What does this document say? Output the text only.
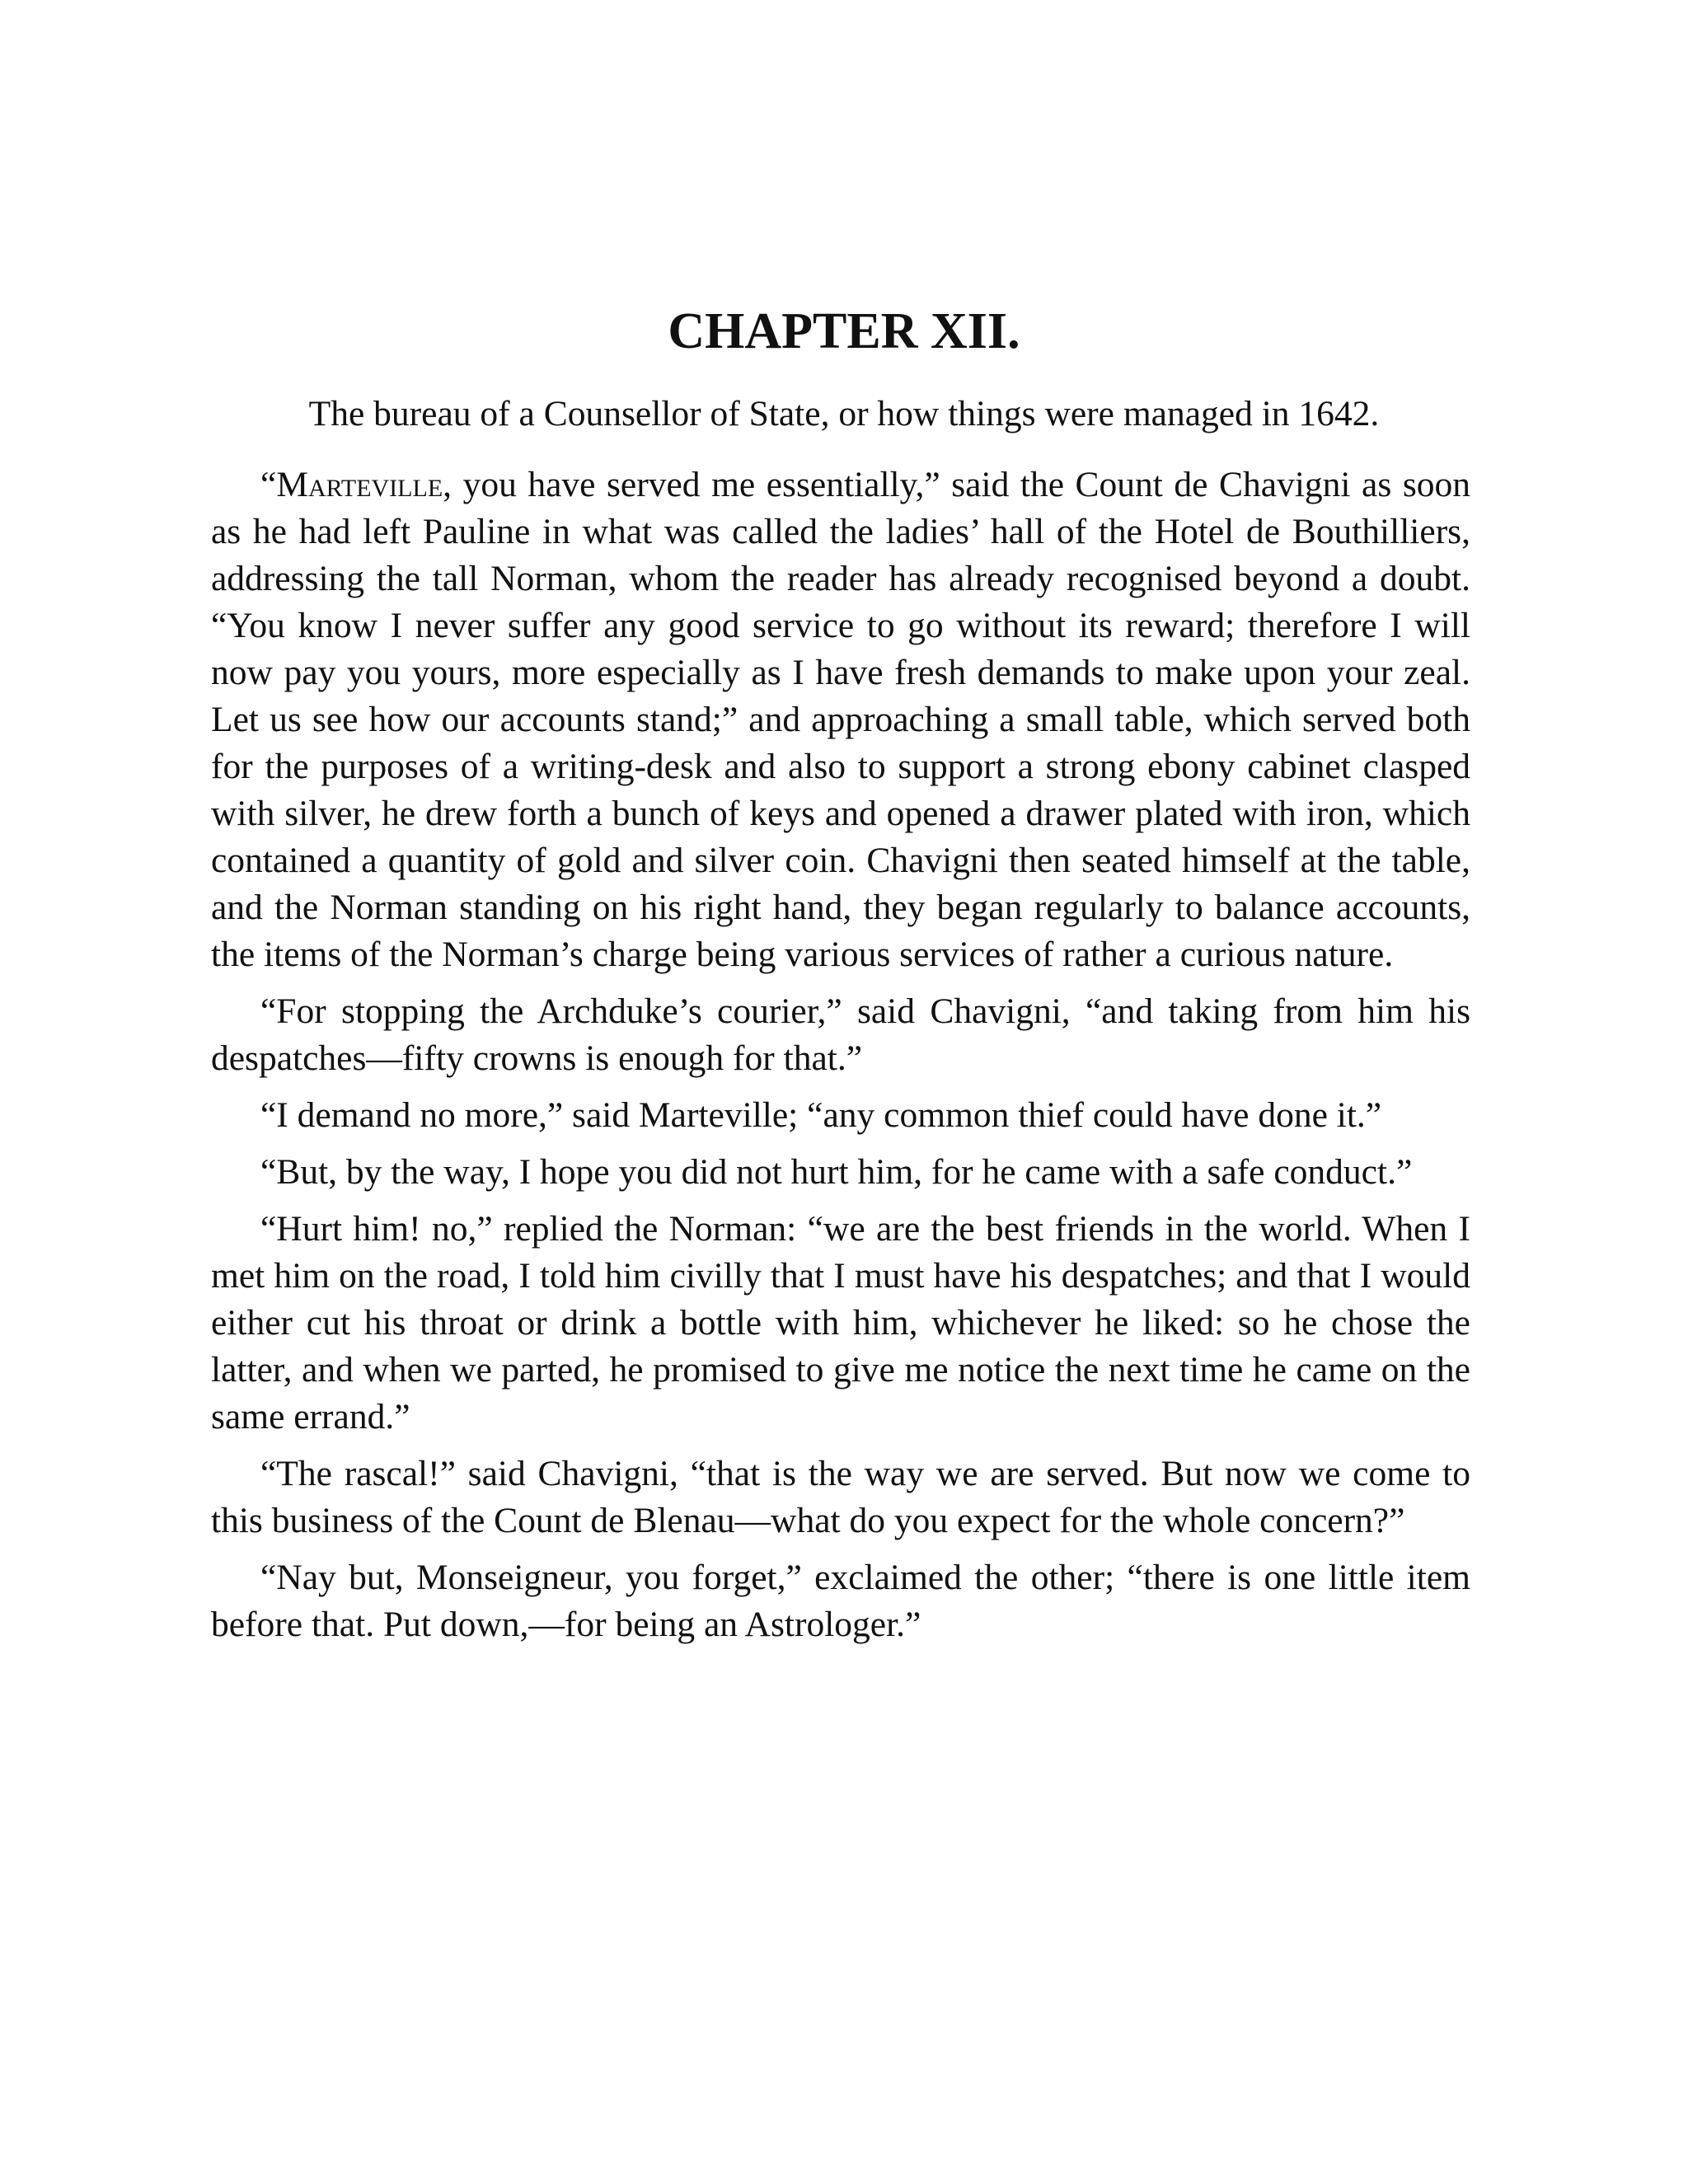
CHAPTER XII.

The bureau of a Counsellor of State, or how things were managed in 1642.

“Marteville, you have served me essentially,” said the Count de Chavigni as soon as he had left Pauline in what was called the ladies’ hall of the Hotel de Bouthilliers, addressing the tall Norman, whom the reader has already recognised beyond a doubt. “You know I never suffer any good service to go without its reward; therefore I will now pay you yours, more especially as I have fresh demands to make upon your zeal. Let us see how our accounts stand;” and approaching a small table, which served both for the purposes of a writing-desk and also to support a strong ebony cabinet clasped with silver, he drew forth a bunch of keys and opened a drawer plated with iron, which contained a quantity of gold and silver coin. Chavigni then seated himself at the table, and the Norman standing on his right hand, they began regularly to balance accounts, the items of the Norman’s charge being various services of rather a curious nature.

“For stopping the Archduke’s courier,” said Chavigni, “and taking from him his despatches—fifty crowns is enough for that.”

“I demand no more,” said Marteville; “any common thief could have done it.”

“But, by the way, I hope you did not hurt him, for he came with a safe conduct.”

“Hurt him! no,” replied the Norman: “we are the best friends in the world. When I met him on the road, I told him civilly that I must have his despatches; and that I would either cut his throat or drink a bottle with him, whichever he liked: so he chose the latter, and when we parted, he promised to give me notice the next time he came on the same errand.”

“The rascal!” said Chavigni, “that is the way we are served. But now we come to this business of the Count de Blenau—what do you expect for the whole concern?”

“Nay but, Monseigneur, you forget,” exclaimed the other; “there is one little item before that. Put down,—for being an Astrologer.”
